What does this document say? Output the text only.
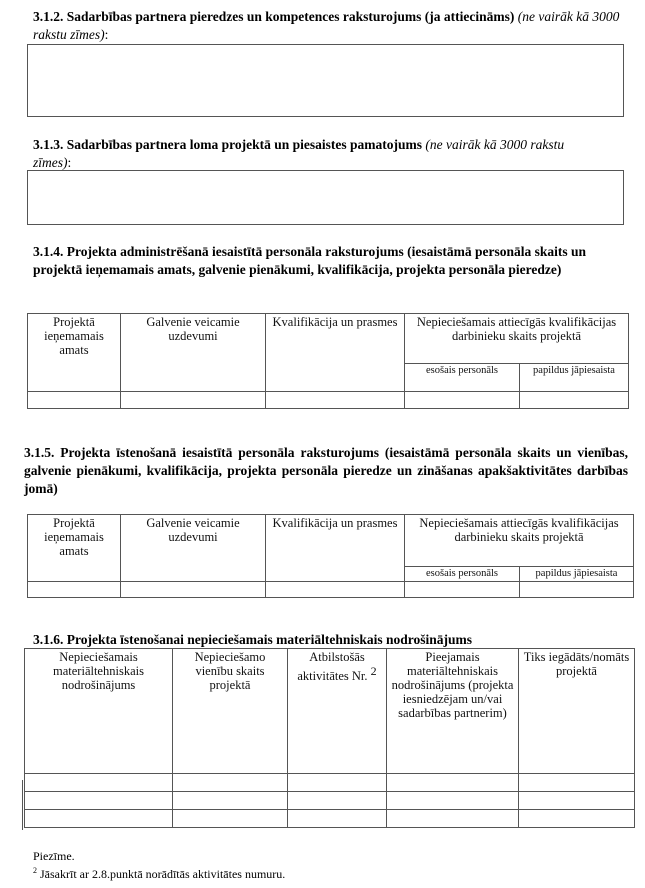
3.1.2. Sadarbības partnera pieredzes un kompetences raksturojums (ja attiecināms) (ne vairāk kā 3000 rakstu zīmes):

3.1.3. Sadarbības partnera loma projektā un piesaistes pamatojums (ne vairāk kā 3000 rakstu zīmes):

3.1.4. Projekta administrēšanā iesaistītā personāla raksturojums (iesaistāmā personāla skaits un projektā ieņemamais amats, galvenie pienākumi, kvalifikācija, projekta personāla pieredze)

Projektā ieņemamais amats	Galvenie veicamie uzdevumi	Kvalifikācija un prasmes	Nepieciešamais attiecīgās kvalifikācijas darbinieku skaits projektā	
			esošais personāls	papildus jāpiesaista

3.1.5. Projekta īstenošanā iesaistītā personāla raksturojums (iesaistāmā personāla skaits un vienības, galvenie pienākumi, kvalifikācija, projekta personāla pieredze un zināšanas apakšaktivitātes darbības jomā)

Projektā ieņemamais amats	Galvenie veicamie uzdevumi	Kvalifikācija un prasmes	Nepieciešamais attiecīgās kvalifikācijas darbinieku skaits projektā	
			esošais personāls	papildus jāpiesaista

3.1.6. Projekta īstenošanai nepieciešamais materiāltehniskais nodrošinājums

Nepieciešamais materiāltehniskais nodrošinājums	Nepieciešamo vienību skaits projektā	Atbilstošās aktivitātes Nr. $^2$	Pieejamais materiāltehniskais nodrošinājums (projekta iesniedzējam un/vai sadarbības partnerim)	Tiks iegādāts/nomāts projektā

Piezīme.
$^2$ Jāsakrīt ar 2.8.punktā norādītās aktivitātes numuru.
